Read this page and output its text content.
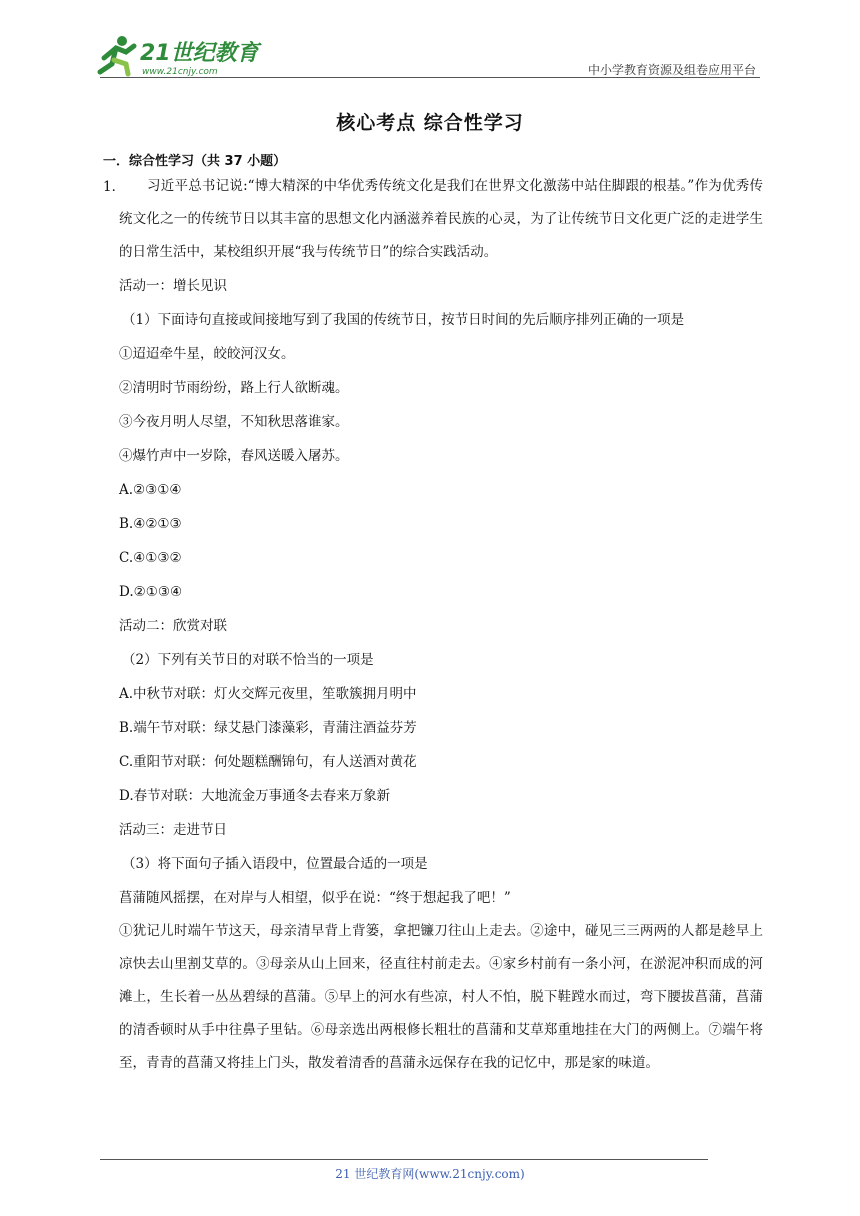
21世纪教育
www.21cnjy.com	中小学教育资源及组卷应用平台
核心考点 综合性学习
一．综合性学习（共 37 小题）
1．	习近平总书记说:“博大精深的中华优秀传统文化是我们在世界文化激荡中站住脚跟的根基。”作为优秀传统文化之一的传统节日以其丰富的思想文化内涵滋养着民族的心灵，为了让传统节日文化更广泛的走进学生的日常生活中，某校组织开展“我与传统节日”的综合实践活动。

活动一：增长见识

（1）下面诗句直接或间接地写到了我国的传统节日，按节日时间的先后顺序排列正确的一项是

①迢迢牵牛星，皎皎河汉女。

②清明时节雨纷纷，路上行人欲断魂。

③今夜月明人尽望，不知秋思落谁家。

④爆竹声中一岁除，春风送暖入屠苏。

A.②③①④

B.④②①③

C.④①③②

D.②①③④

活动二：欣赏对联

（2）下列有关节日的对联不恰当的一项是

A.中秋节对联：灯火交辉元夜里，笙歌簇拥月明中

B.端午节对联：绿艾悬门漆藻彩，青蒲注酒益芬芳

C.重阳节对联：何处题糕酬锦句，有人送酒对黄花

D.春节对联：大地流金万事通冬去春来万象新

活动三：走进节日

（3）将下面句子插入语段中，位置最合适的一项是

菖蒲随风摇摆，在对岸与人相望，似乎在说：“终于想起我了吧！”

①犹记儿时端午节这天，母亲清早背上背篓，拿把镰刀往山上走去。②途中，碰见三三两两的人都是趁早上凉快去山里割艾草的。③母亲从山上回来，径直往村前走去。④家乡村前有一条小河，在淤泥冲积而成的河滩上，生长着一丛丛碧绿的菖蒲。⑤早上的河水有些凉，村人不怕，脱下鞋蹚水而过，弯下腰拔菖蒲，菖蒲的清香顿时从手中往鼻子里钻。⑥母亲选出两根修长粗壮的菖蒲和艾草郑重地挂在大门的两侧上。⑦端午将至，青青的菖蒲又将挂上门头，散发着清香的菖蒲永远保存在我的记忆中，那是家的味道。

21 世纪教育网(www.21cnjy.com)
